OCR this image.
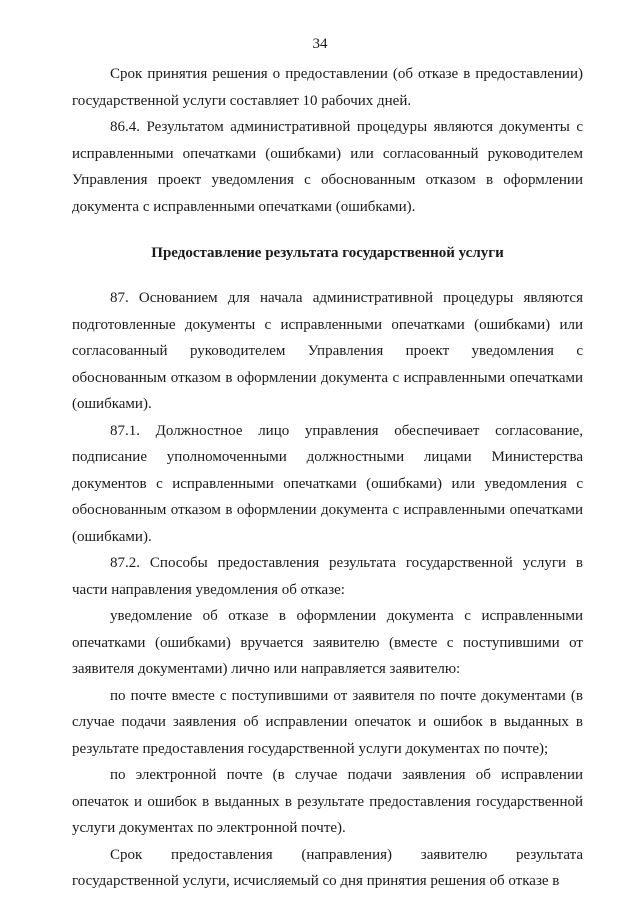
34

Срок принятия решения о предоставлении (об отказе в предоставлении) государственной услуги составляет 10 рабочих дней.

86.4. Результатом административной процедуры являются документы с исправленными опечатками (ошибками) или согласованный руководителем Управления проект уведомления с обоснованным отказом в оформлении документа с исправленными опечатками (ошибками).

Предоставление результата государственной услуги

87. Основанием для начала административной процедуры являются подготовленные документы с исправленными опечатками (ошибками) или согласованный руководителем Управления проект уведомления с обоснованным отказом в оформлении документа с исправленными опечатками (ошибками).

87.1. Должностное лицо управления обеспечивает согласование, подписание уполномоченными должностными лицами Министерства документов с исправленными опечатками (ошибками) или уведомления с обоснованным отказом в оформлении документа с исправленными опечатками (ошибками).

87.2. Способы предоставления результата государственной услуги в части направления уведомления об отказе:

уведомление об отказе в оформлении документа с исправленными опечатками (ошибками) вручается заявителю (вместе с поступившими от заявителя документами) лично или направляется заявителю:

по почте вместе с поступившими от заявителя по почте документами (в случае подачи заявления об исправлении опечаток и ошибок в выданных в результате предоставления государственной услуги документах по почте);

по электронной почте (в случае подачи заявления об исправлении опечаток и ошибок в выданных в результате предоставления государственной услуги документах по электронной почте).

Срок предоставления (направления) заявителю результата государственной услуги, исчисляемый со дня принятия решения об отказе в
